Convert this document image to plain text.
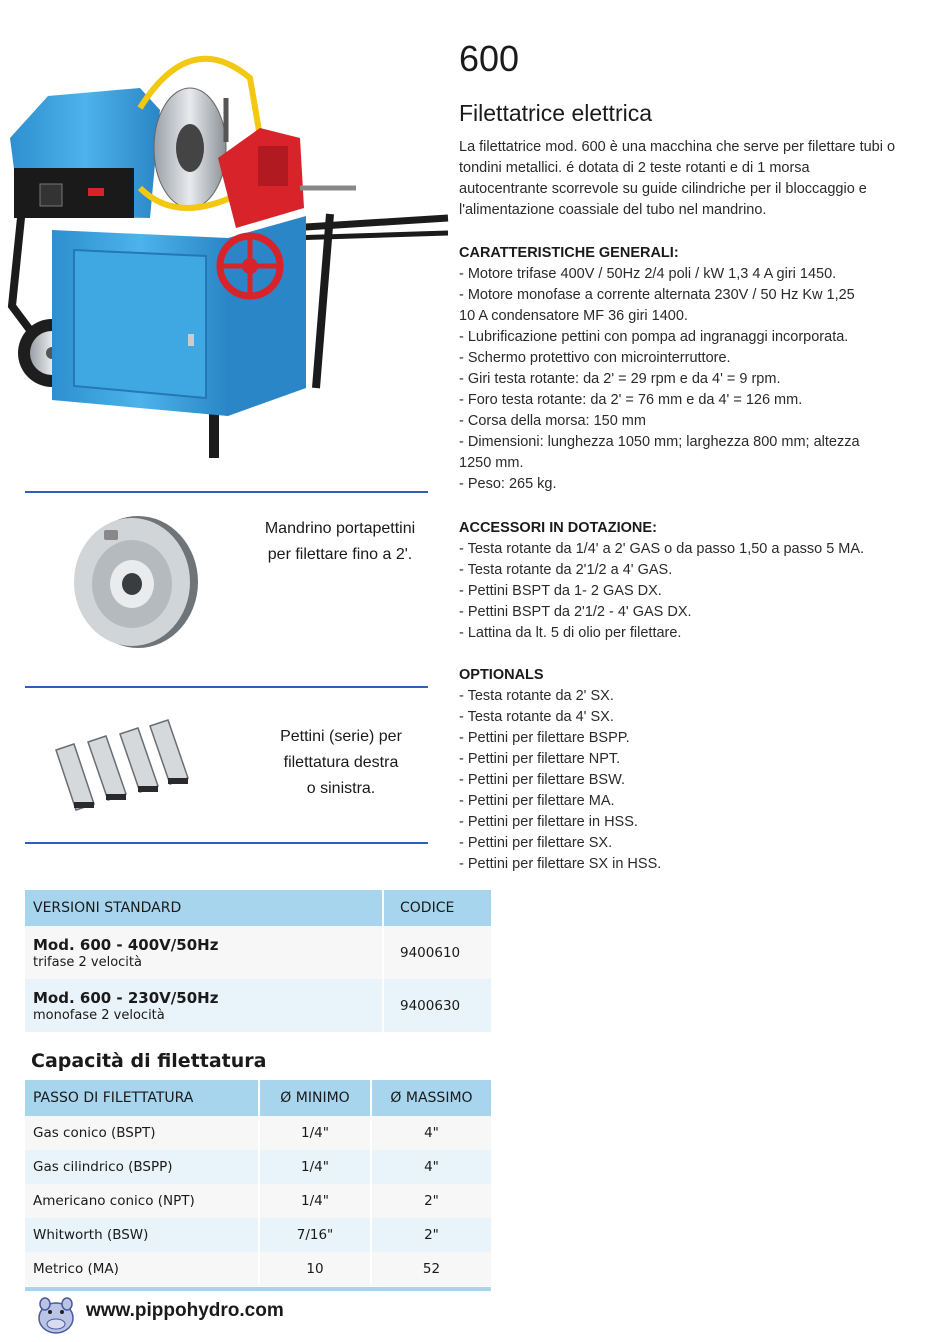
Mandrino portapettini
per filettare fino a 2'.
Pettini (serie) per
filettatura destra
o sinistra.
600
Filettatrice elettrica

La filettatrice mod. 600 è una macchina che serve per filettare tubi o tondini metallici. é dotata di 2 teste rotanti e di 1 morsa autocentrante scorrevole su guide cilindriche per il bloccaggio e l'alimentazione coassiale del tubo nel mandrino.

CARATTERISTICHE GENERALI:
- Motore trifase 400V / 50Hz 2/4 poli / kW 1,3 4 A giri 1450.
- Motore monofase a corrente alternata 230V / 50 Hz Kw 1,25 10 A condensatore MF 36 giri 1400.
- Lubrificazione pettini con pompa ad ingranaggi incorporata.
- Schermo protettivo con microinterruttore.
- Giri testa rotante: da 2' = 29 rpm e da 4' = 9 rpm.
- Foro testa rotante: da 2' = 76 mm e da 4' = 126 mm.
- Corsa della morsa: 150 mm
- Dimensioni: lunghezza 1050 mm; larghezza 800 mm; altezza 1250 mm.
- Peso: 265 kg.
ACCESSORI IN DOTAZIONE:
- Testa rotante da 1/4' a 2' GAS o da passo 1,50 a passo 5 MA.
- Testa rotante da 2'1/2 a 4' GAS.
- Pettini BSPT da 1- 2 GAS DX.
- Pettini BSPT da 2'1/2 - 4' GAS DX.
- Lattina da lt. 5 di olio per filettare.
OPTIONALS
- Testa rotante da 2' SX.
- Testa rotante da 4' SX.
- Pettini per filettare BSPP.
- Pettini per filettare NPT.
- Pettini per filettare BSW.
- Pettini per filettare MA.
- Pettini per filettare in HSS.
- Pettini per filettare SX.
- Pettini per filettare SX in HSS.
VERSIONI STANDARD	CODICE

Mod. 600 - 400V/50Hz
trifase 2 velocità	9400610

Mod. 600 - 230V/50Hz
monofase 2 velocità	9400630
Capacità di filettatura
PASSO DI FILETTATURA	Ø MINIMO	Ø MASSIMO
Gas conico (BSPT)	1/4"	4"
Gas cilindrico (BSPP)	1/4"	4"
Americano conico (NPT)	1/4"	2"
Whitworth (BSW)	7/16"	2"
Metrico (MA)	10	52
www.pippohydro.com
